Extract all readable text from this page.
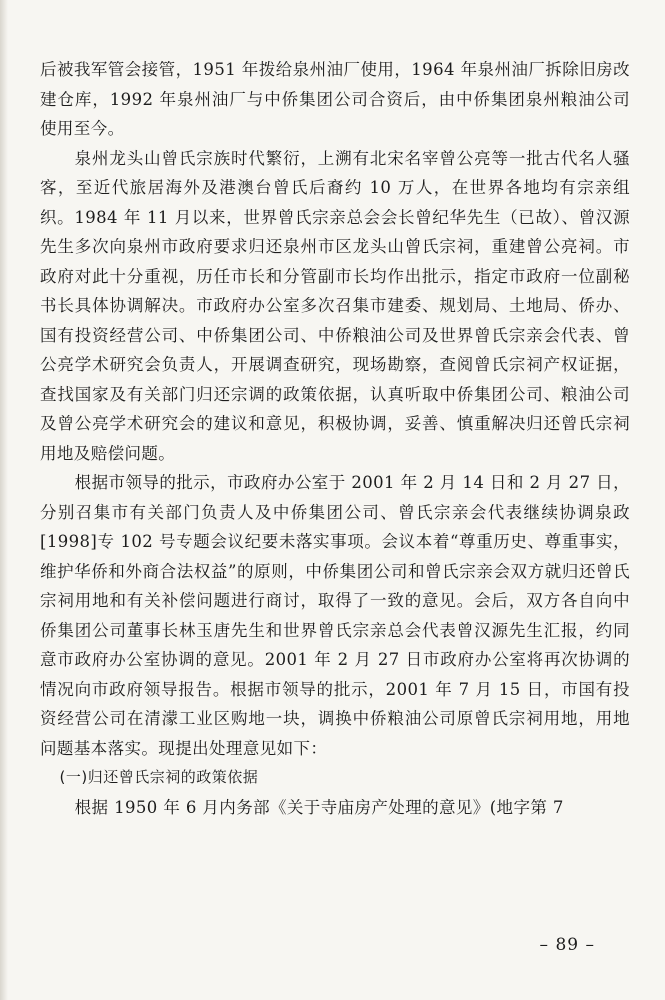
后被我军管会接管，1951 年拨给泉州油厂使用，1964 年泉州油厂拆除旧房改建仓库，1992 年泉州油厂与中侨集团公司合资后，由中侨集团泉州粮油公司使用至今。

泉州龙头山曾氏宗族时代繁衍，上溯有北宋名宰曾公亮等一批古代名人骚客，至近代旅居海外及港澳台曾氏后裔约 10 万人，在世界各地均有宗亲组织。1984 年 11 月以来，世界曾氏宗亲总会会长曾纪华先生（已故）、曾汉源先生多次向泉州市政府要求归还泉州市区龙头山曾氏宗祠，重建曾公亮祠。市政府对此十分重视，历任市长和分管副市长均作出批示，指定市政府一位副秘书长具体协调解决。市政府办公室多次召集市建委、规划局、土地局、侨办、国有投资经营公司、中侨集团公司、中侨粮油公司及世界曾氏宗亲会代表、曾公亮学术研究会负责人，开展调查研究，现场勘察，查阅曾氏宗祠产权证据，查找国家及有关部门归还宗调的政策依据，认真听取中侨集团公司、粮油公司及曾公亮学术研究会的建议和意见，积极协调，妥善、慎重解决归还曾氏宗祠用地及赔偿问题。

根据市领导的批示，市政府办公室于 2001 年 2 月 14 日和 2 月 27 日，分别召集市有关部门负责人及中侨集团公司、曾氏宗亲会代表继续协调泉政[1998]专 102 号专题会议纪要未落实事项。会议本着“尊重历史、尊重事实，维护华侨和外商合法权益”的原则，中侨集团公司和曾氏宗亲会双方就归还曾氏宗祠用地和有关补偿问题进行商讨，取得了一致的意见。会后，双方各自向中侨集团公司董事长林玉唐先生和世界曾氏宗亲总会代表曾汉源先生汇报，约同意市政府办公室协调的意见。2001 年 2 月 27 日市政府办公室将再次协调的情况向市政府领导报告。根据市领导的批示，2001 年 7 月 15 日，市国有投资经营公司在清濛工业区购地一块，调换中侨粮油公司原曾氏宗祠用地，用地问题基本落实。现提出处理意见如下：

(一)归还曾氏宗祠的政策依据

根据 1950 年 6 月内务部《关于寺庙房产处理的意见》(地字第 7

– 89 –
